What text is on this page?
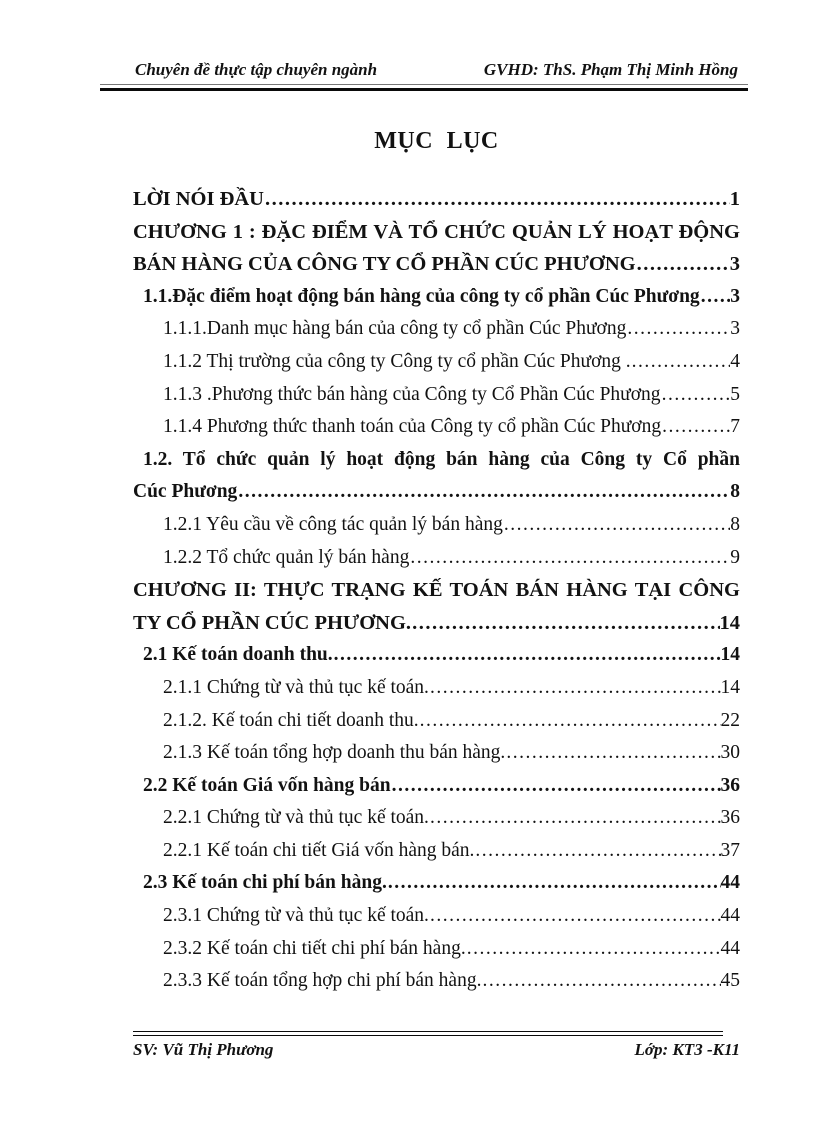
Chuyên đề thực tập chuyên ngành	GVHD: ThS. Phạm Thị Minh Hồng
MỤC LỤC
LỜI NÓI ĐẦU .....	1
CHƯƠNG 1 : ĐẶC ĐIỂM VÀ TỔ CHỨC QUẢN LÝ HOẠT ĐỘNG
BÁN HÀNG CỦA CÔNG TY CỔ PHẦN CÚC PHƯƠNG .....	3
1.1.Đặc điểm hoạt động bán hàng của công ty cổ phần Cúc Phương ..... 3
1.1.1.Danh mục hàng bán của công ty cổ phần Cúc Phương .....	3
1.1.2 Thị trường của công ty Công ty cổ phần Cúc Phương . .....	4
1.1.3 .Phương thức bán hàng của Công ty Cổ Phần Cúc Phương .....	5
1.1.4 Phương thức thanh toán của Công ty cổ phần Cúc Phương .....	7
1.2. Tổ chức quản lý hoạt động bán hàng của Công ty Cổ phần
Cúc Phương .....	8
1.2.1 Yêu cầu về công tác quản lý bán hàng .....	8
1.2.2 Tổ chức quản lý bán hàng .....	9
CHƯƠNG II: THỰC TRẠNG KẾ TOÁN BÁN HÀNG TẠI CÔNG
TY CỔ PHẦN CÚC PHƯƠNG. .....	14
2.1 Kế toán doanh thu. .....	14
2.1.1 Chứng từ và thủ tục kế toán. .....	14
2.1.2. Kế toán chi tiết doanh thu. .....	22
2.1.3 Kế toán tổng hợp doanh thu bán hàng. .....	30
2.2 Kế toán Giá vốn hàng bán .....	36
2.2.1 Chứng từ và thủ tục kế toán. .....	36
2.2.1 Kế toán chi tiết Giá vốn hàng bán. .....	37
2.3 Kế toán chi phí bán hàng. .....	44
2.3.1 Chứng từ và thủ tục kế toán. .....	44
2.3.2 Kế toán chi tiết chi phí bán hàng. .....	44
2.3.3 Kế toán tổng hợp chi phí bán hàng. .....	45
SV: Vũ Thị Phương	Lớp: KT3 -K11
